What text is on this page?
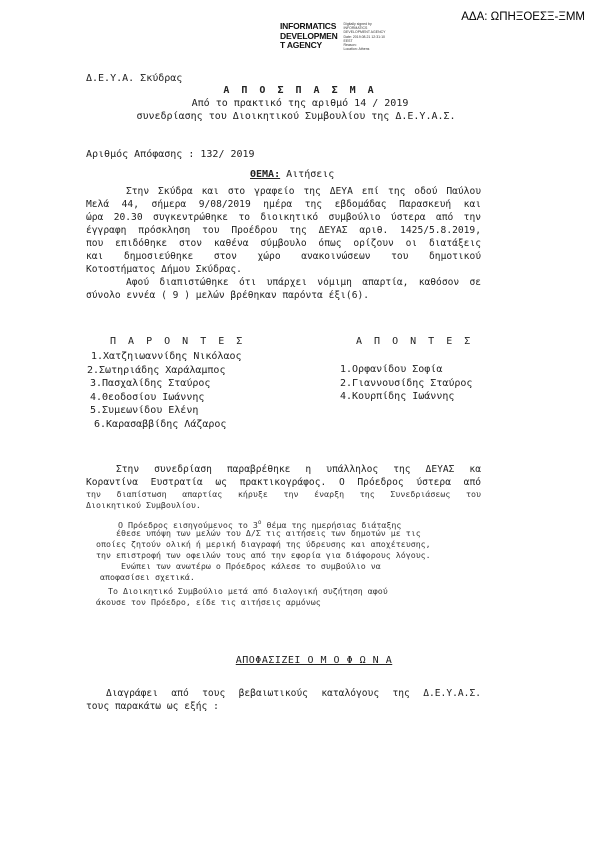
ΑΔΑ: ΩΠΗΞΟΕΣΞ-ΞΜΜ
INFORMATICS
DEVELOPMEN
T AGENCY
Digitally signed by
INFORMATICS
DEVELOPMENT AGENCY
Date: 2019.08.21 12:31:10
EEST
Reason:
Location: Athens
Δ.Ε.Υ.Α. Σκύδρας
Α Π Ο Σ Π Α Σ Μ Α
Από το πρακτικό της αριθμό 14 / 2019
συνεδρίασης του Διοικητικού Συμβουλίου της Δ.Ε.Υ.Α.Σ.
Αριθμός Απόφασης : 132/ 2019
ΘΕΜΑ: Αιτήσεις

Στην Σκύδρα και στο γραφείο της ΔΕΥΑ επί της οδού Παύλου

Μελά 44, σήμερα 9/08/2019 ημέρα της εβδομάδας Παρασκευή και

ώρα 20.30 συγκεντρώθηκε το διοικητικό συμβούλιο ύστερα από την

έγγραφη πρόσκληση του Προέδρου της ΔΕΥΑΣ αριθ. 1425/5.8.2019,

που επιδόθηκε στον καθένα σύμβουλο όπως ορίζουν οι διατάξεις

και δημοσιεύθηκε στον χώρο ανακοινώσεων του δημοτικού

Κοτοστήματος Δήμου Σκύδρας.

Αφού διαπιστώθηκε ότι υπάρχει νόμιμη απαρτία, καθόσον σε

σύνολο εννέα ( 9 ) μελών βρέθηκαν παρόντα έξι(6).

Π Α Ρ Ο Ν Τ Ε Σ
1.Χατζηιωαννίδης Νικόλαος
2.Σωτηριάδης Χαράλαμπος
3.Πασχαλίδης Σταύρος
4.Θεοδοσίου Ιωάννης
5.Συμεωνίδου Ελένη
6.Καρασαββίδης Λάζαρος
Α Π Ο Ν Τ Ε Σ
1.Ορφανίδου Σοφία
2.Γιαννουσίδης Σταύρος
4.Κουρπίδης Ιωάννης

Στην συνεδρίαση παραβρέθηκε η υπάλληλος της ΔΕΥΑΣ κα

Κοραντίνα Ευστρατία ως πρακτικογράφος. Ο Πρόεδρος ύστερα από

την διαπίστωση απαρτίας κήρυξε την έναρξη της Συνεδριάσεως του

Διοικητικού Συμβουλίου.

Ο Πρόεδρος εισηγούμενος το $3^o$ θέμα της ημερήσιας διάταξης
έθεσε υπόψη των μελών του Δ/Σ τις αιτήσεις των δημοτών με τις
οποίες ζητούν ολική ή μερική διαγραφή της ύδρευσης και αποχέτευσης,
την επιστροφή των οφειλών τους από την εφορία για διάφορους λόγους.
Ενώπει των ανωτέρω ο Πρόεδρος κάλεσε το συμβούλιο να
αποφασίσει σχετικά.
Το Διοικητικό Συμβούλιο μετά από διαλογική συζήτηση αφού
άκουσε τον Πρόεδρο, είδε τις αιτήσεις αρμόνως
ΑΠΟΦΑΣΙΖΕΙ Ο Μ Ο Φ Ω Ν Α

Διαγράφει από τους βεβαιωτικούς καταλόγους της Δ.Ε.Υ.Α.Σ.

τους παρακάτω ως εξής :
